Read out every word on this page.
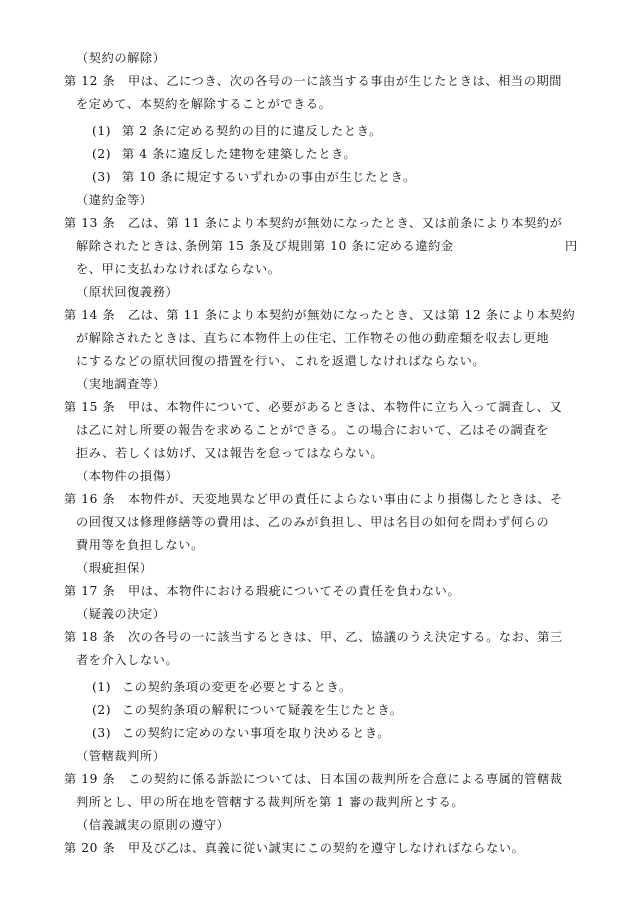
（契約の解除）

第 12 条　甲は、乙につき、次の各号の一に該当する事由が生じたときは、相当の期間

を定めて、本契約を解除することができる。

(1) 第 2 条に定める契約の目的に違反したとき。

(2) 第 4 条に違反した建物を建築したとき。

(3) 第 10 条に規定するいずれかの事由が生じたとき。

（違約金等）

第 13 条　乙は、第 11 条により本契約が無効になったとき、又は前条により本契約が

解除されたときは､条例第 15 条及び規則第 10 条に定める違約金	円

を、甲に支払わなければならない。

（原状回復義務）

第 14 条　乙は、第 11 条により本契約が無効になったとき、又は第 12 条により本契約

が解除されたときは、直ちに本物件上の住宅、工作物その他の動産類を収去し更地

にするなどの原状回復の措置を行い、これを返還しなければならない。

（実地調査等）

第 15 条　甲は、本物件について、必要があるときは、本物件に立ち入って調査し、又

は乙に対し所要の報告を求めることができる。この場合において、乙はその調査を

拒み、若しくは妨げ、又は報告を怠ってはならない。

（本物件の損傷）

第 16 条　本物件が、天変地異など甲の責任によらない事由により損傷したときは、そ

の回復又は修理修繕等の費用は、乙のみが負担し、甲は名目の如何を問わず何らの

費用等を負担しない。

（瑕疵担保）

第 17 条　甲は、本物件における瑕疵についてその責任を負わない。

（疑義の決定）

第 18 条　次の各号の一に該当するときは、甲、乙、協議のうえ決定する。なお、第三

者を介入しない。

(1) この契約条項の変更を必要とするとき。

(2) この契約条項の解釈について疑義を生じたとき。

(3) この契約に定めのない事項を取り決めるとき。

（管轄裁判所）

第 19 条　この契約に係る訴訟については、日本国の裁判所を合意による専属的管轄裁

判所とし、甲の所在地を管轄する裁判所を第 1 審の裁判所とする。

（信義誠実の原則の遵守）

第 20 条　甲及び乙は、真義に従い誠実にこの契約を遵守しなければならない。
